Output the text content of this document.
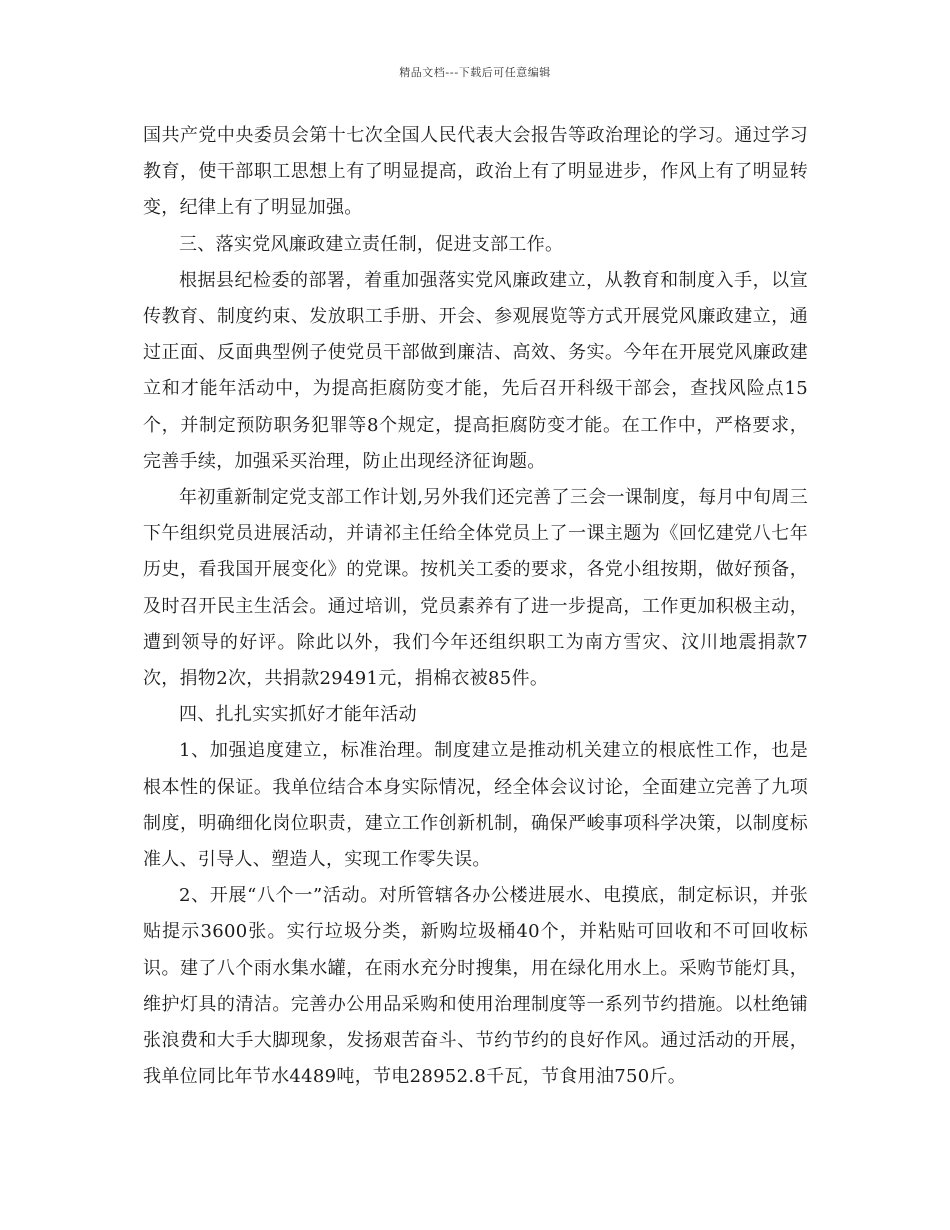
精品文档---下载后可任意编辑

国共产党中央委员会第十七次全国人民代表大会报告等政治理论的学习。通过学习教育，使干部职工思想上有了明显提高，政治上有了明显进步，作风上有了明显转变，纪律上有了明显加强。

三、落实党风廉政建立责任制，促进支部工作。

根据县纪检委的部署，着重加强落实党风廉政建立，从教育和制度入手，以宣传教育、制度约束、发放职工手册、开会、参观展览等方式开展党风廉政建立，通过正面、反面典型例子使党员干部做到廉洁、高效、务实。今年在开展党风廉政建立和才能年活动中，为提高拒腐防变才能，先后召开科级干部会，查找风险点15个，并制定预防职务犯罪等8个规定，提高拒腐防变才能。在工作中，严格要求，完善手续，加强采买治理，防止出现经济征询题。

年初重新制定党支部工作计划,另外我们还完善了三会一课制度，每月中旬周三下午组织党员进展活动，并请祁主任给全体党员上了一课主题为《回忆建党八七年历史，看我国开展变化》的党课。按机关工委的要求，各党小组按期，做好预备，及时召开民主生活会。通过培训，党员素养有了进一步提高，工作更加积极主动，遭到领导的好评。除此以外，我们今年还组织职工为南方雪灾、汶川地震捐款7次，捐物2次，共捐款29491元，捐棉衣被85件。

四、扎扎实实抓好才能年活动

1、加强追度建立，标准治理。制度建立是推动机关建立的根底性工作，也是根本性的保证。我单位结合本身实际情况，经全体会议讨论，全面建立完善了九项制度，明确细化岗位职责，建立工作创新机制，确保严峻事项科学决策，以制度标准人、引导人、塑造人，实现工作零失误。

2、开展“八个一”活动。对所管辖各办公楼进展水、电摸底，制定标识，并张贴提示3600张。实行垃圾分类，新购垃圾桶40个，并粘贴可回收和不可回收标识。建了八个雨水集水罐，在雨水充分时搜集，用在绿化用水上。采购节能灯具，维护灯具的清洁。完善办公用品采购和使用治理制度等一系列节约措施。以杜绝铺张浪费和大手大脚现象，发扬艰苦奋斗、节约节约的良好作风。通过活动的开展，我单位同比年节水4489吨，节电28952.8千瓦，节食用油750斤。
